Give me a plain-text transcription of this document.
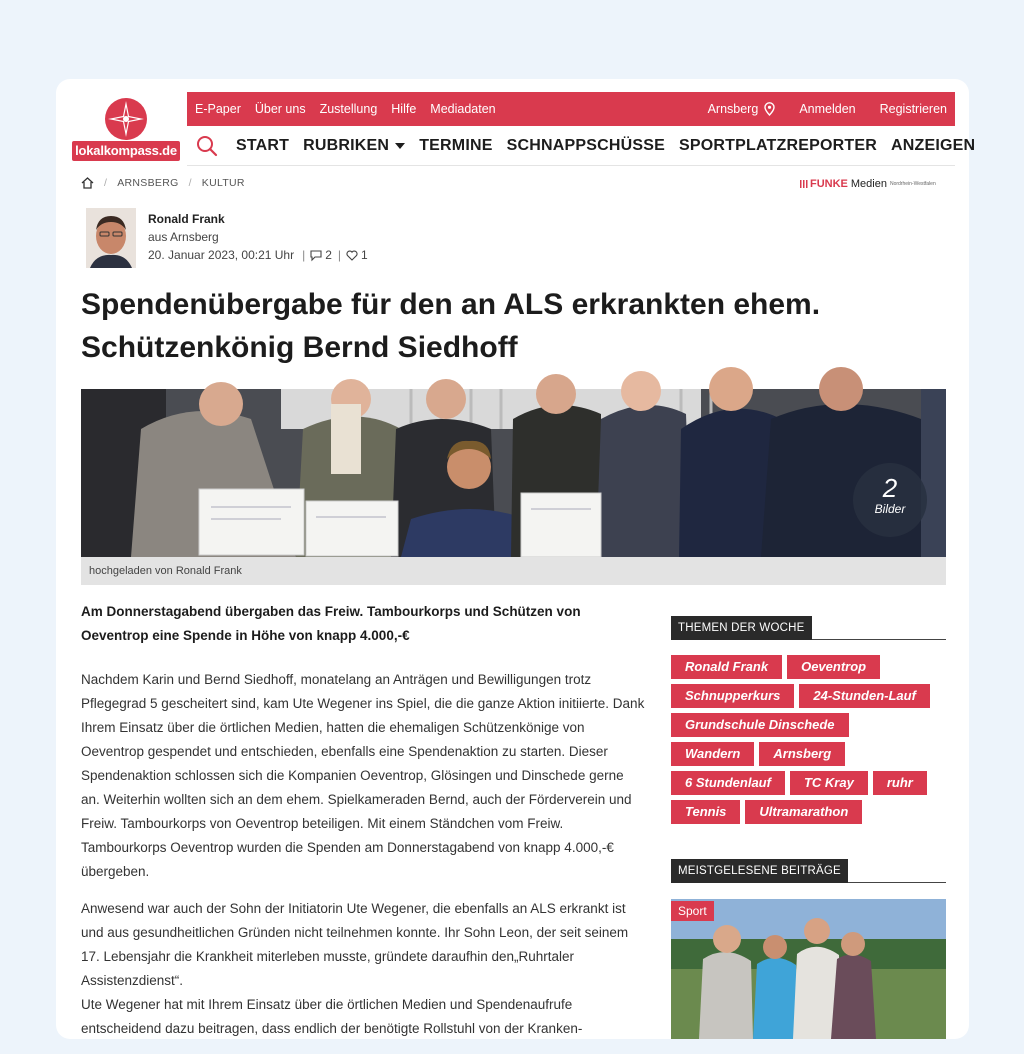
lokalkompass.de
E-Paper Über uns Zustellung Hilfe Mediadaten	Arnsberg	Anmelden Registrieren
START RUBRIKEN TERMINE SCHNAPPSCHÜSSE SPORTPLATZREPORTER ANZEIGEN
/ ARNSBERG / KULTUR	FUNKE Medien Nordrhein-Westfalen
Ronald Frank
aus Arnsberg
20. Januar 2023, 00:21 Uhr | 2 | 1
Spendenübergabe für den an ALS erkrankten ehem. Schützenkönig Bernd Siedhoff
2
Bilder
hochgeladen von Ronald Frank
Am Donnerstagabend übergaben das Freiw. Tambourkorps und Schützen von Oeventrop eine Spende in Höhe von knapp 4.000,-€

Nachdem Karin und Bernd Siedhoff, monatelang an Anträgen und Bewilligungen trotz Pflegegrad 5 gescheitert sind, kam Ute Wegener ins Spiel, die die ganze Aktion initiierte. Dank Ihrem Einsatz über die örtlichen Medien, hatten die ehemaligen Schützenkönige von Oeventrop gespendet und entschieden, ebenfalls eine Spendenaktion zu starten. Dieser Spendenaktion schlossen sich die Kompanien Oeventrop, Glösingen und Dinschede gerne an. Weiterhin wollten sich an dem ehem. Spielkameraden Bernd, auch der Förderverein und Freiw. Tambourkorps von Oeventrop beteiligen. Mit einem Ständchen vom Freiw. Tambourkorps Oeventrop wurden die Spenden am Donnerstagabend von knapp 4.000,-€ übergeben.

Anwesend war auch der Sohn der Initiatorin Ute Wegener, die ebenfalls an ALS erkrankt ist und aus gesundheitlichen Gründen nicht teilnehmen konnte. Ihr Sohn Leon, der seit seinem 17. Lebensjahr die Krankheit miterleben musste, gründete daraufhin den„Ruhrtaler Assistenzdienst“.
Ute Wegener hat mit Ihrem Einsatz über die örtlichen Medien und Spendenaufrufe entscheidend dazu beitragen, dass endlich der benötigte Rollstuhl von der Kranken-

THEMEN DER WOCHE
Ronald Frank	Oeventrop
Schnupperkurs	24-Stunden-Lauf
Grundschule Dinschede
Wandern	Arnsberg
6 Stundenlauf	TC Kray	ruhr
Tennis	Ultramarathon
MEISTGELESENE BEITRÄGE
Sport
